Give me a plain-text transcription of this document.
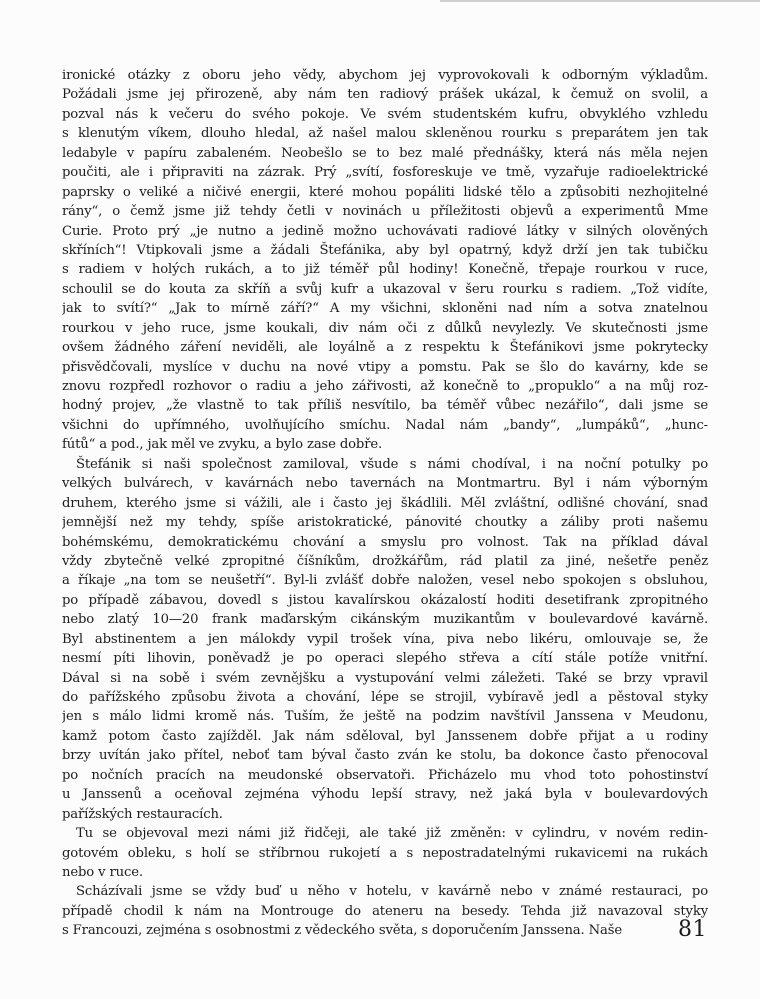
ironické otázky z oboru jeho vědy, abychom jej vyprovokovali k odborným výkladům.
Požádali jsme jej přirozeně, aby nám ten radiový prášek ukázal, k čemuž on svolil, a
pozval nás k večeru do svého pokoje. Ve svém studentském kufru, obvyklého vzhledu
s klenutým víkem, dlouho hledal, až našel malou skleněnou rourku s preparátem jen tak
ledabyle v papíru zabaleném. Neobešlo se to bez malé přednášky, která nás měla nejen
poučiti, ale i připraviti na zázrak. Prý „svítí, fosforeskuje ve tmě, vyzařuje radioelektrické
paprsky o veliké a ničivé energii, které mohou popáliti lidské tělo a způsobiti nezhojitelné
rány“, o čemž jsme již tehdy četli v novinách u příležitosti objevů a experimentů Mme
Curie. Proto prý „je nutno a jedině možno uchovávati radiové látky v silných olověných
skříních“! Vtipkovali jsme a žádali Štefánika, aby byl opatrný, když drží jen tak tubičku
s radiem v holých rukách, a to již téměř půl hodiny! Konečně, třepaje rourkou v ruce,
schoulil se do kouta za skříň a svůj kufr a ukazoval v šeru rourku s radiem. „Tož vidíte,
jak to svítí?“ „Jak to mírně září?“ A my všichni, skloněni nad ním a sotva znatelnou
rourkou v jeho ruce, jsme koukali, div nám oči z důlků nevylezly. Ve skutečnosti jsme
ovšem žádného záření neviděli, ale loyálně a z respektu k Štefánikovi jsme pokrytecky
přisvědčovali, myslíce v duchu na nové vtipy a pomstu. Pak se šlo do kavárny, kde se
znovu rozpředl rozhovor o radiu a jeho zářivosti, až konečně to „propuklo“ a na můj roz-
hodný projev, „že vlastně to tak příliš nesvítilo, ba téměř vůbec nezářilo“, dali jsme se
všichni do upřímného, uvolňujícího smíchu. Nadal nám „bandy“, „lumpáků“, „hunc-
fútů“ a pod., jak měl ve zvyku, a bylo zase dobře.
Štefánik si naši společnost zamiloval, všude s námi chodíval, i na noční potulky po
velkých bulvárech, v kavárnách nebo tavernách na Montmartru. Byl i nám výborným
druhem, kterého jsme si vážili, ale i často jej škádlili. Měl zvláštní, odlišné chování, snad
jemnější než my tehdy, spíše aristokratické, pánovité choutky a záliby proti našemu
bohémskému, demokratickému chování a smyslu pro volnost. Tak na příklad dával
vždy zbytečně velké zpropitné číšníkům, drožkářům, rád platil za jiné, nešetře peněz
a říkaje „na tom se neušetří“. Byl-li zvlášť dobře naložen, vesel nebo spokojen s obsluhou,
po případě zábavou, dovedl s jistou kavalírskou okázalostí hoditi desetifrank zpropitného
nebo zlatý 10—20 frank maďarským cikánským muzikantům v boulevardové kavárně.
Byl abstinentem a jen málokdy vypil trošek vína, piva nebo likéru, omlouvaje se, že
nesmí píti lihovin, poněvadž je po operaci slepého střeva a cítí stále potíže vnitřní.
Dával si na sobě i svém zevnějšku a vystupování velmi záležeti. Také se brzy vpravil
do pařížského způsobu života a chování, lépe se strojil, vybíravě jedl a pěstoval styky
jen s málo lidmi kromě nás. Tuším, že ještě na podzim navštívil Janssena v Meudonu,
kamž potom často zajížděl. Jak nám sděloval, byl Janssenem dobře přijat a u rodiny
brzy uvítán jako přítel, neboť tam býval často zván ke stolu, ba dokonce často přenocoval
po nočních pracích na meudonské observatoři. Přicházelo mu vhod toto pohostinství
u Janssenů a oceňoval zejména výhodu lepší stravy, než jaká byla v boulevardových
pařížských restauracích.
Tu se objevoval mezi námi již řidčeji, ale také již změněn: v cylindru, v novém redin-
gotovém obleku, s holí se stříbrnou rukojetí a s nepostradatelnými rukavicemi na rukách
nebo v ruce.
Scházívali jsme se vždy buď u něho v hotelu, v kavárně nebo v známé restauraci, po
případě chodil k nám na Montrouge do ateneru na besedy. Tehda již navazoval styky
s Francouzi, zejména s osobnostmi z vědeckého světa, s doporučením Janssena. Naše	81
